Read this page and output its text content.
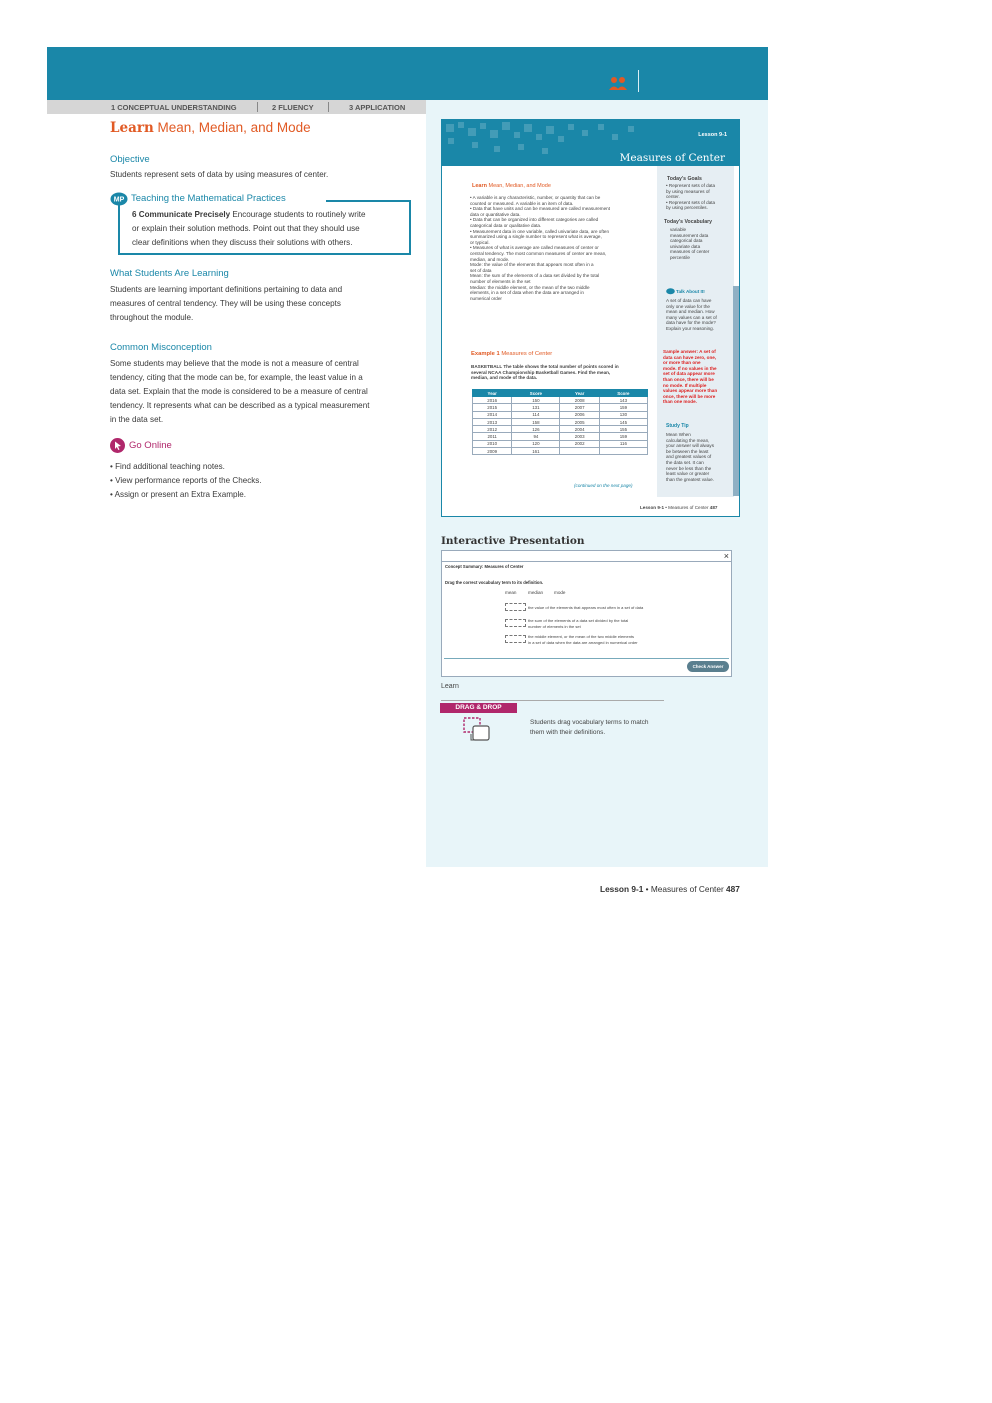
1 CONCEPTUAL UNDERSTANDING	2 FLUENCY	3 APPLICATION
Learn Mean, Median, and Mode
Objective
Students represent sets of data by using measures of center.
MP Teaching the Mathematical Practices
6 Communicate Precisely Encourage students to routinely write
or explain their solution methods. Point out that they should use
clear definitions when they discuss their solutions with others.
What Students Are Learning
Students are learning important definitions pertaining to data and
measures of central tendency. They will be using these concepts
throughout the module.
Common Misconception
Some students may believe that the mode is not a measure of central
tendency, citing that the mode can be, for example, the least value in a
data set. Explain that the mode is considered to be a measure of central
tendency. It represents what can be described as a typical measurement
in the data set.
Go Online
• Find additional teaching notes.
• View performance reports of the Checks.
• Assign or present an Extra Example.
Lesson 9-1
Measures of Center
Learn Mean, Median, and Mode
• A variable is any characteristic, number, or quantity that can be
counted or measured. A variable is an item of data.
• Data that have units and can be measured are called measurement
data or quantitative data.
• Data that can be organized into different categories are called
categorical data or qualitative data.
• Measurement data in one variable, called univariate data, are often
summarized using a single number to represent what is average,
or typical.
• Measures of what is average are called measures of center or
central tendency. The most common measures of center are mean,
median, and mode.
Mode: the value of the elements that appears most often in a
set of data
Mean: the sum of the elements of a data set divided by the total
number of elements in the set
Median: the middle element, or the mean of the two middle
elements, in a set of data when the data are arranged in
numerical order
Example 1 Measures of Center
BASKETBALL The table shows the total number of points scored in
several NCAA Championship Basketball Games. Find the mean,
median, and mode of the data.
Year	Score	Year	Score
2016	150	2008	143
2015	131	2007	159
2014	114	2006	130
2013	158	2005	145
2012	126	2004	155
2011	94	2003	159
2010	120	2002	116
2009	161		
(continued on the next page)
Lesson 9-1 • Measures of Center 487
Today's Goals
• Represent sets of data
by using measures of
center.
• Represent sets of data
by using percentiles.
Today's Vocabulary
variable
measurement data
categorical data
univariate data
measures of center
percentile
Talk About It!
A set of data can have
only one value for the
mean and median. How
many values can a set of
data have for the mode?
Explain your reasoning.
Sample answer: A set of
data can have zero, one,
or more than one
mode. If no values in the
set of data appear more
than once, there will be
no mode. If multiple
values appear more than
once, there will be more
than one mode.
Study Tip
Mean When
calculating the mean,
your answer will always
be between the least
and greatest values of
the data set. It can
never be less than the
least value or greater
than the greatest value.
Interactive Presentation
×
Concept Summary: Measures of Center
Drag the correct vocabulary term to its definition.
mean	median mode
the value of the elements that appears most often in a set of data
the sum of the elements of a data set divided by the total
number of elements in the set
the middle element, or the mean of the two middle elements
in a set of data when the data are arranged in numerical order
Check Answer
Learn
DRAG & DROP
Students drag vocabulary terms to match
them with their definitions.
Lesson 9-1 • Measures of Center 487
